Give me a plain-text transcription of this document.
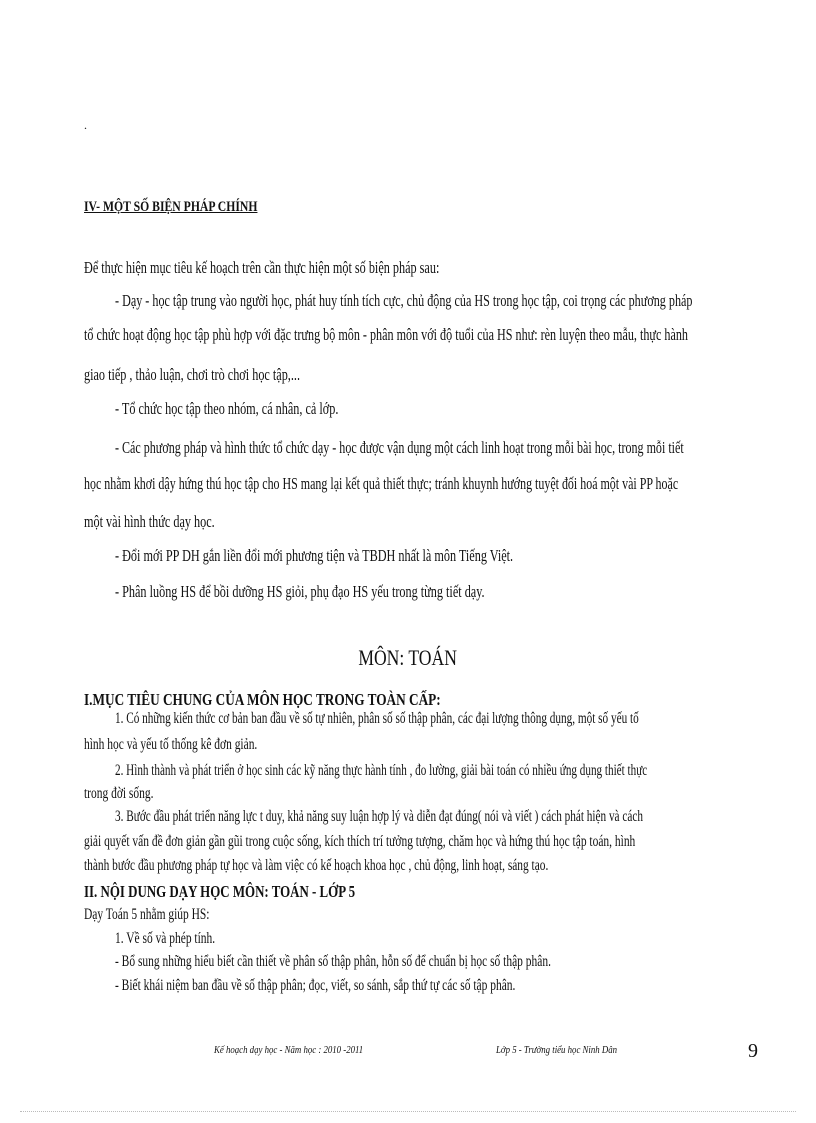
.
IV- MỘT SỐ BIỆN PHÁP CHÍNH
Để thực hiện mục tiêu kế hoạch trên cần thực hiện một số biện pháp sau:
- Dạy - học tập trung vào người học, phát huy tính tích cực, chủ động của HS trong học tập, coi trọng các phương pháp
tổ chức hoạt động học tập phù hợp với đặc trưng bộ môn - phân môn với độ tuổi của HS như: rèn luyện theo mẫu, thực hành
giao tiếp , thảo luận, chơi trò chơi học tập,...
- Tổ chức học tập theo nhóm, cá nhân, cả lớp.
- Các phương pháp và hình thức tổ chức dạy - học được vận dụng một cách linh hoạt trong mỗi bài học, trong mỗi tiết
học nhằm khơi dậy hứng thú học tập cho HS mang lại kết quả thiết thực; tránh khuynh hướng tuyệt đối hoá một vài PP hoặc
một vài hình thức dạy học.
- Đổi mới PP DH gắn liền đổi mới phương tiện và TBDH nhất là môn Tiếng Việt.
- Phân luồng HS để bồi dưỡng HS giỏi, phụ đạo HS yếu trong từng tiết dạy.
MÔN: TOÁN
I.MỤC TIÊU CHUNG CỦA MÔN HỌC TRONG TOÀN CẤP:
1. Có những kiến thức cơ bản ban đầu về số tự nhiên, phân số số thập phân, các đại lượng thông dụng, một số yếu tố
hình học và yếu tố thống kê đơn giản.
2. Hình thành và phát triển ở học sinh các kỹ năng thực hành tính , đo lường, giải bài toán có nhiều ứng dụng thiết thực
trong đời sống.
3. Bước đầu phát triển năng lực t duy, khả năng suy luận hợp lý và diễn đạt đúng( nói và viết ) cách phát hiện và cách
giải quyết vấn đề đơn giản gần gũi trong cuộc sống, kích thích trí tưởng tượng, chăm học và hứng thú học tập toán, hình
thành bước đầu phương pháp tự học và làm việc có kế hoạch khoa học , chủ động, linh hoạt, sáng tạo.
II. NỘI DUNG DẠY HỌC MÔN: TOÁN - LỚP 5
Dạy Toán 5 nhằm giúp HS:
1. Về số và phép tính.
- Bổ sung những hiểu biết cần thiết về phân số thập phân, hỗn số để chuẩn bị học số thập phân.
- Biết khái niệm ban đầu về số thập phân; đọc, viết, so sánh, sắp thứ tự các số tập phân.
Kế hoạch dạy học - Năm học : 2010 -2011	Lớp 5 - Trường tiểu học Ninh Dân	9
